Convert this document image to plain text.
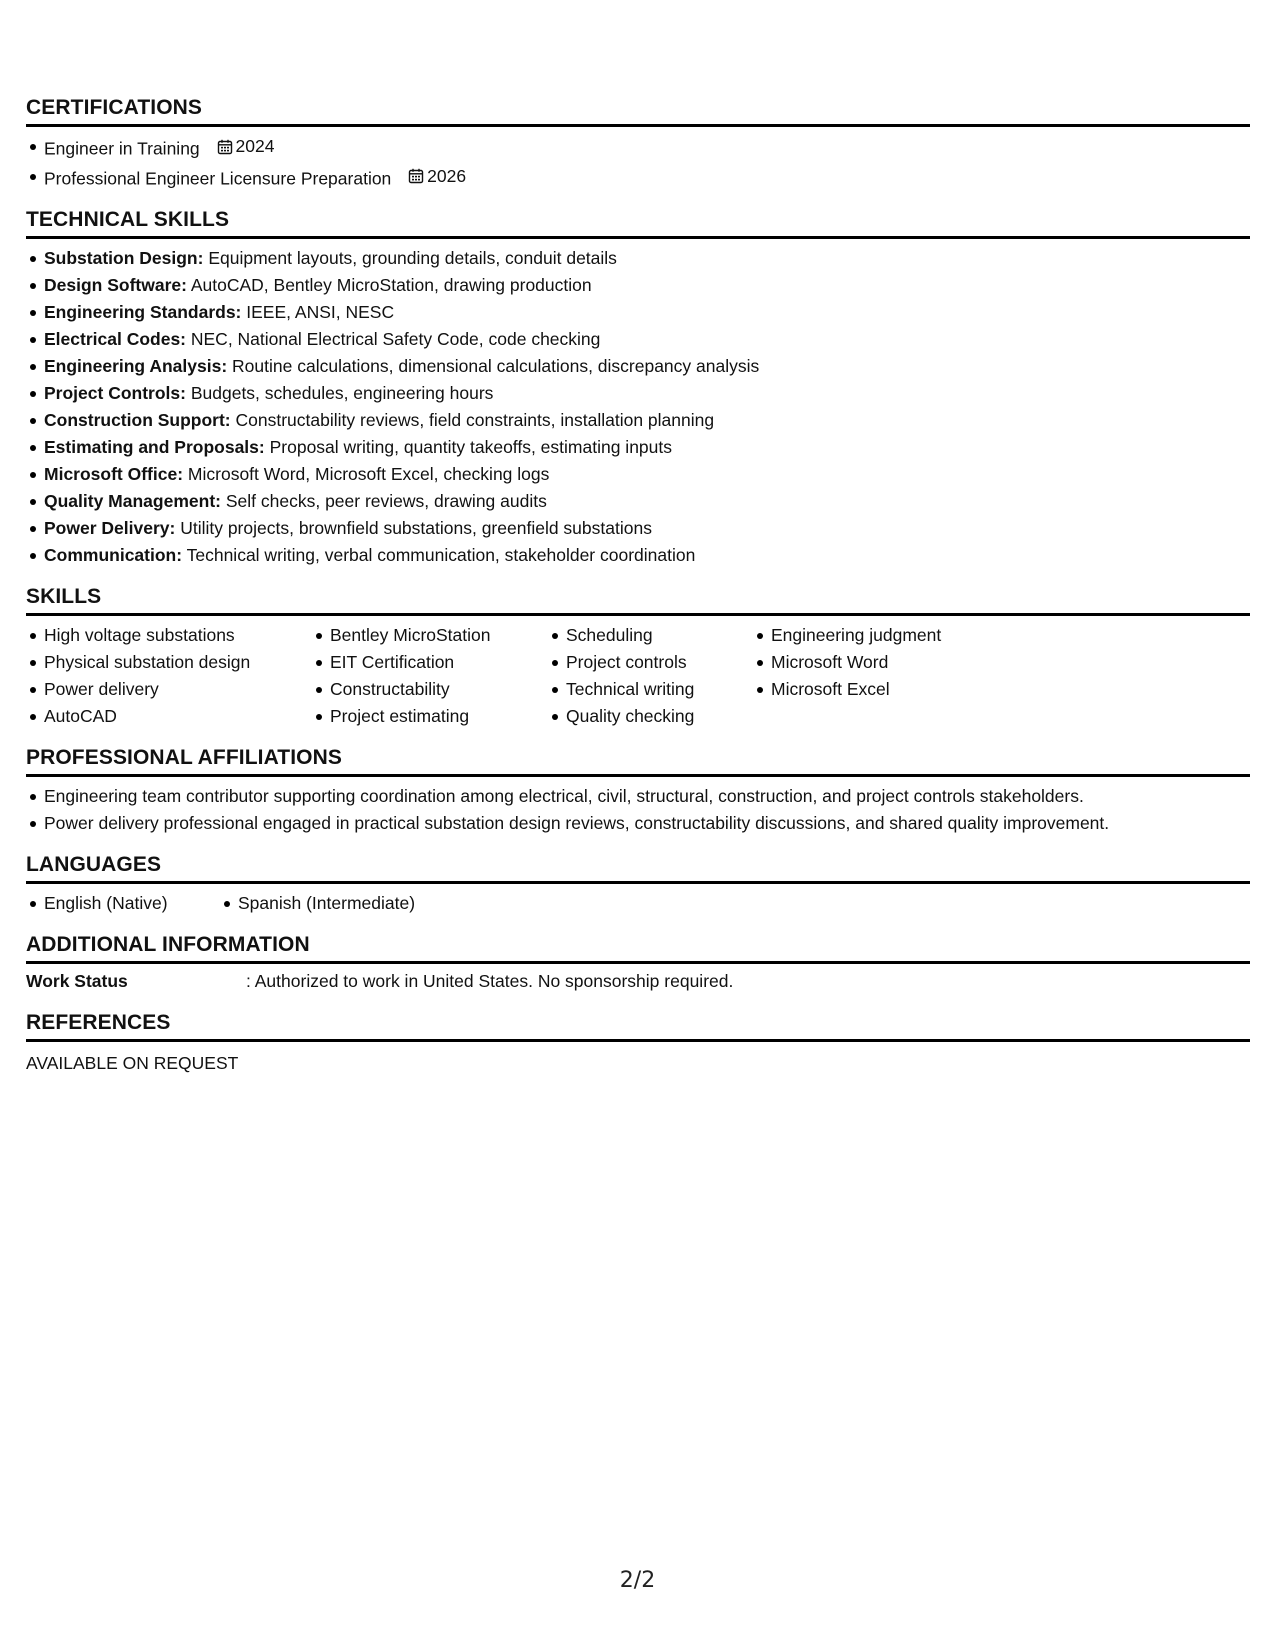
CERTIFICATIONS
Engineer in Training 2024
Professional Engineer Licensure Preparation 2026
TECHNICAL SKILLS
Substation Design: Equipment layouts, grounding details, conduit details
Design Software: AutoCAD, Bentley MicroStation, drawing production
Engineering Standards: IEEE, ANSI, NESC
Electrical Codes: NEC, National Electrical Safety Code, code checking
Engineering Analysis: Routine calculations, dimensional calculations, discrepancy analysis
Project Controls: Budgets, schedules, engineering hours
Construction Support: Constructability reviews, field constraints, installation planning
Estimating and Proposals: Proposal writing, quantity takeoffs, estimating inputs
Microsoft Office: Microsoft Word, Microsoft Excel, checking logs
Quality Management: Self checks, peer reviews, drawing audits
Power Delivery: Utility projects, brownfield substations, greenfield substations
Communication: Technical writing, verbal communication, stakeholder coordination
SKILLS
High voltage substations
Physical substation design
Power delivery
AutoCAD
Bentley MicroStation
EIT Certification
Constructability
Project estimating
Scheduling
Project controls
Technical writing
Quality checking
Engineering judgment
Microsoft Word
Microsoft Excel
PROFESSIONAL AFFILIATIONS
Engineering team contributor supporting coordination among electrical, civil, structural, construction, and project controls stakeholders.
Power delivery professional engaged in practical substation design reviews, constructability discussions, and shared quality improvement.
LANGUAGES
English (Native)	Spanish (Intermediate)
ADDITIONAL INFORMATION
Work Status	: Authorized to work in United States. No sponsorship required.
REFERENCES
AVAILABLE ON REQUEST
2/2
